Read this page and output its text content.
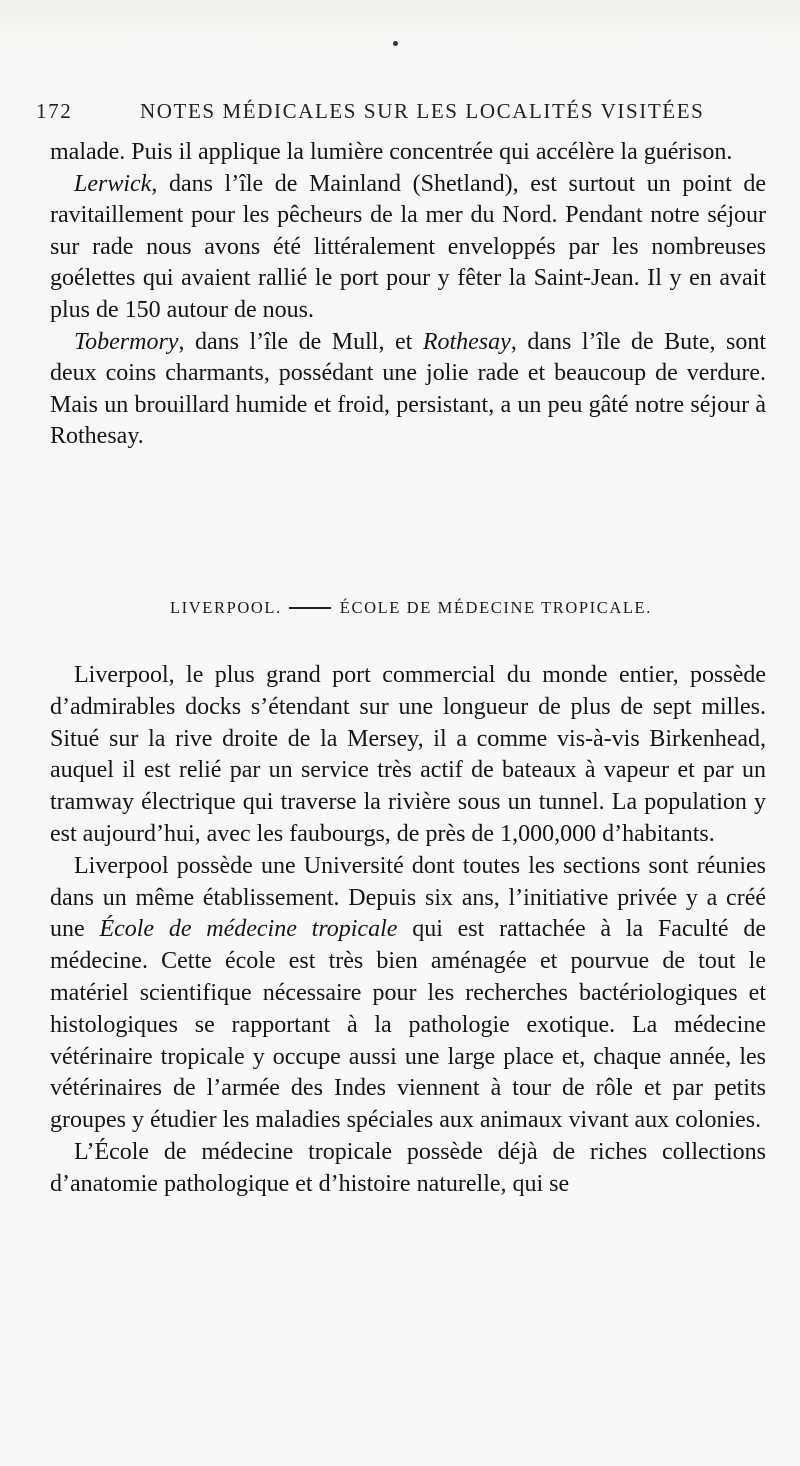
172	NOTES MÉDICALES SUR LES LOCALITÉS VISITÉES

malade. Puis il applique la lumière concentrée qui accélère la guérison.

Lerwick, dans l’île de Mainland (Shetland), est surtout un point de ravitaillement pour les pêcheurs de la mer du Nord. Pendant notre séjour sur rade nous avons été littéralement enveloppés par les nombreuses goélettes qui avaient rallié le port pour y fêter la Saint-Jean. Il y en avait plus de 150 autour de nous.

Tobermory, dans l’île de Mull, et Rothesay, dans l’île de Bute, sont deux coins charmants, possédant une jolie rade et beaucoup de verdure. Mais un brouillard humide et froid, persistant, a un peu gâté notre séjour à Rothesay.

LIVERPOOL.	ÉCOLE DE MÉDECINE TROPICALE.

Liverpool, le plus grand port commercial du monde entier, possède d’admirables docks s’étendant sur une longueur de plus de sept milles. Situé sur la rive droite de la Mersey, il a comme vis-à-vis Birkenhead, auquel il est relié par un service très actif de bateaux à vapeur et par un tramway électrique qui traverse la rivière sous un tunnel. La population y est aujourd’hui, avec les faubourgs, de près de 1,000,000 d’habitants.

Liverpool possède une Université dont toutes les sections sont réunies dans un même établissement. Depuis six ans, l’initiative privée y a créé une École de médecine tropicale qui est rattachée à la Faculté de médecine. Cette école est très bien aménagée et pourvue de tout le matériel scientifique nécessaire pour les recherches bactériologiques et histologiques se rapportant à la pathologie exotique. La médecine vétérinaire tropicale y occupe aussi une large place et, chaque année, les vétérinaires de l’armée des Indes viennent à tour de rôle et par petits groupes y étudier les maladies spéciales aux animaux vivant aux colonies.

L’École de médecine tropicale possède déjà de riches collections d’anatomie pathologique et d’histoire naturelle, qui se
